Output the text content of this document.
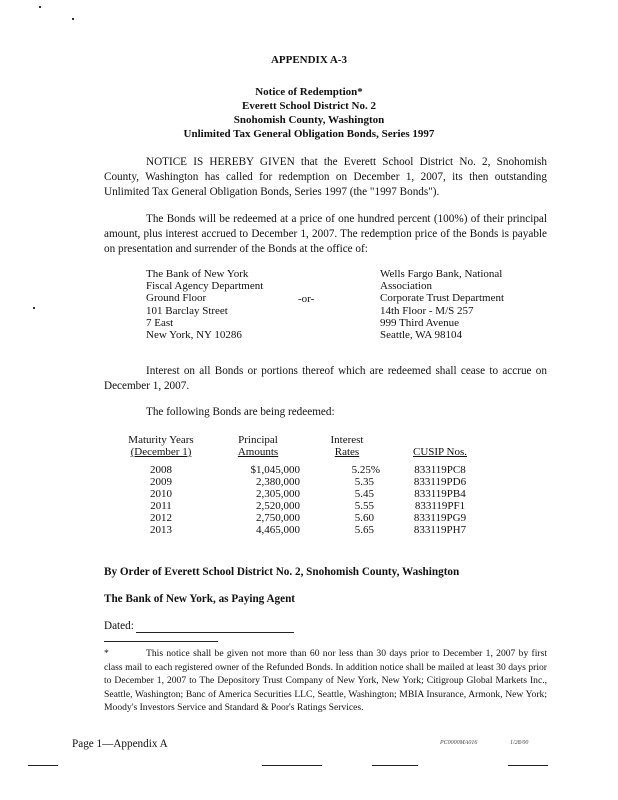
APPENDIX A-3
Notice of Redemption*
Everett School District No. 2
Snohomish County, Washington
Unlimited Tax General Obligation Bonds, Series 1997
NOTICE IS HEREBY GIVEN that the Everett School District No. 2, Snohomish County, Washington has called for redemption on December 1, 2007, its then outstanding Unlimited Tax General Obligation Bonds, Series 1997 (the "1997 Bonds").
The Bonds will be redeemed at a price of one hundred percent (100%) of their principal amount, plus interest accrued to December 1, 2007. The redemption price of the Bonds is payable on presentation and surrender of the Bonds at the office of:
The Bank of New York
Fiscal Agency Department
Ground Floor
101 Barclay Street
7 East
New York, NY 10286
-or-
Wells Fargo Bank, National
Association
Corporate Trust Department
14th Floor - M/S 257
999 Third Avenue
Seattle, WA 98104
Interest on all Bonds or portions thereof which are redeemed shall cease to accrue on December 1, 2007.
The following Bonds are being redeemed:
Maturity Years	Principal	Interest	
(December 1)	Amounts	Rates	CUSIP Nos.

2008	$1,045,000	5.25%	833119PC8
2009	2,380,000	5.35	833119PD6
2010	2,305,000	5.45	833119PB4
2011	2,520,000	5.55	833119PF1
2012	2,750,000	5.60	833119PG9
2013	4,465,000	5.65	833119PH7
By Order of Everett School District No. 2, Snohomish County, Washington
The Bank of New York, as Paying Agent
Dated:
*	This notice shall be given not more than 60 nor less than 30 days prior to December 1, 2007 by first class mail to each registered owner of the Refunded Bonds. In addition notice shall be mailed at least 30 days prior to December 1, 2007 to The Depository Trust Company of New York, New York; Citigroup Global Markets Inc., Seattle, Washington; Banc of America Securities LLC, Seattle, Washington; MBIA Insurance, Armonk, New York; Moody's Investors Service and Standard & Poor's Ratings Services.
Page 1—Appendix A	PC0000MA016	1/28/00
